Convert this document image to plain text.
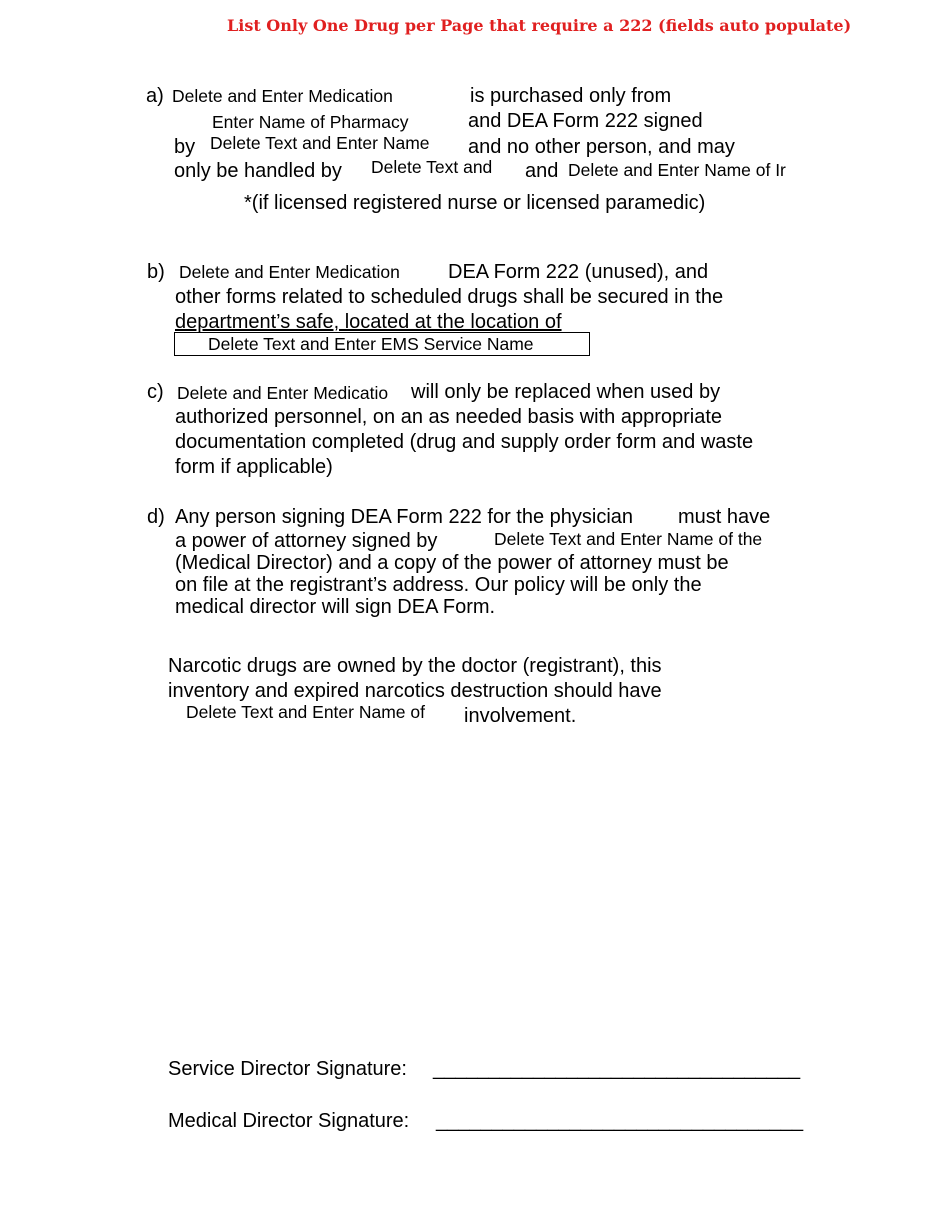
List Only One Drug per Page that require a 222 (fields auto populate)
a) Delete and Enter Medication	is purchased only from
Enter Name of Pharmacy	and DEA Form 222 signed
by Delete Text and Enter Name	and no other person, and may
only be handled by Delete Text and	and Delete and Enter Name of Ir
*(if licensed registered nurse or licensed paramedic)
b) Delete and Enter Medication	DEA Form 222 (unused), and
other forms related to scheduled drugs shall be secured in the
department’s safe, located at the location of
Delete Text and Enter EMS Service Name
c) Delete and Enter Medicatio	will only be replaced when used by
authorized personnel, on an as needed basis with appropriate
documentation completed (drug and supply order form and waste
form if applicable)
d) Any person signing DEA Form 222 for the physician must have
a power of attorney signed by	Delete Text and Enter Name of the
(Medical Director) and a copy of the power of attorney must be
on file at the registrant’s address. Our policy will be only the
medical director will sign DEA Form.
Narcotic drugs are owned by the doctor (registrant), this
inventory and expired narcotics destruction should have
Delete Text and Enter Name of	involvement.
Service Director Signature: _________________________________
Medical Director Signature: _________________________________
